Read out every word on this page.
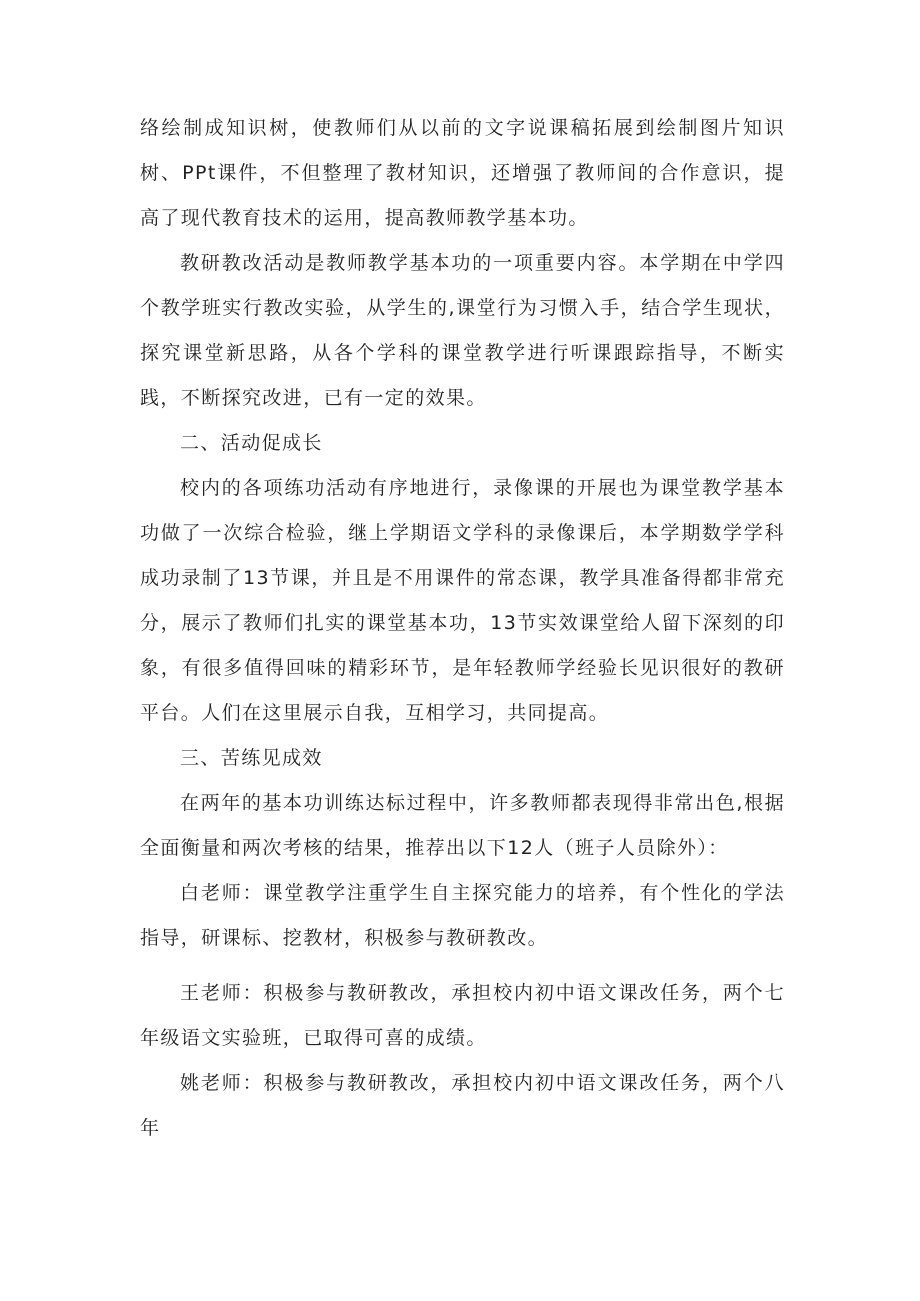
络绘制成知识树，使教师们从以前的文字说课稿拓展到绘制图片知识树、PPt课件，不但整理了教材知识，还增强了教师间的合作意识，提高了现代教育技术的运用，提高教师教学基本功。

教研教改活动是教师教学基本功的一项重要内容。本学期在中学四个教学班实行教改实验，从学生的,课堂行为习惯入手，结合学生现状，探究课堂新思路，从各个学科的课堂教学进行听课跟踪指导，不断实践，不断探究改进，已有一定的效果。

二、活动促成长

校内的各项练功活动有序地进行，录像课的开展也为课堂教学基本功做了一次综合检验，继上学期语文学科的录像课后，本学期数学学科成功录制了13节课，并且是不用课件的常态课，教学具准备得都非常充分，展示了教师们扎实的课堂基本功，13节实效课堂给人留下深刻的印象，有很多值得回味的精彩环节，是年轻教师学经验长见识很好的教研平台。人们在这里展示自我，互相学习，共同提高。

三、苦练见成效

在两年的基本功训练达标过程中，许多教师都表现得非常出色,根据全面衡量和两次考核的结果，推荐出以下12人（班子人员除外）：

白老师：课堂教学注重学生自主探究能力的培养，有个性化的学法指导，研课标、挖教材，积极参与教研教改。

王老师：积极参与教研教改，承担校内初中语文课改任务，两个七年级语文实验班，已取得可喜的成绩。

姚老师：积极参与教研教改，承担校内初中语文课改任务，两个八年
